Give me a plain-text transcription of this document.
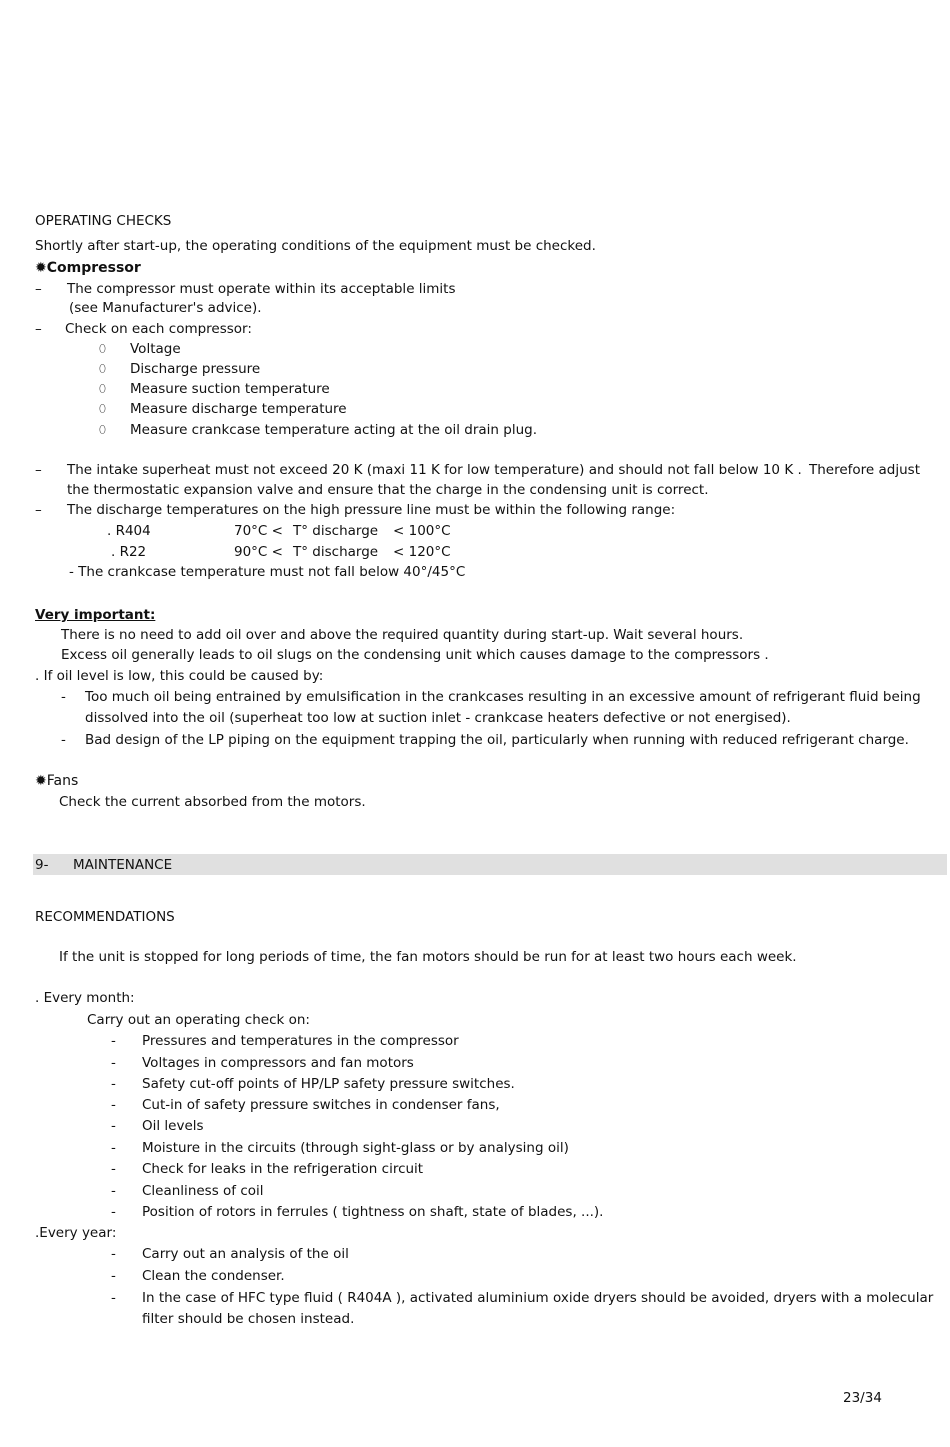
OPERATING CHECKS
Shortly after start-up, the operating conditions of the equipment must be checked.
✹Compressor
– The compressor must operate within its acceptable limits
(see Manufacturer's advice).
– Check on each compressor:
⬯ Voltage
⬯ Discharge pressure
⬯ Measure suction temperature
⬯ Measure discharge temperature
⬯ Measure crankcase temperature acting at the oil drain plug.
– The intake superheat must not exceed 20 K (maxi 11 K for low temperature) and should not fall below 10 K . Therefore adjust
the thermostatic expansion valve and ensure that the charge in the condensing unit is correct.
– The discharge temperatures on the high pressure line must be within the following range:
. R404	70°C < T° discharge < 100°C
. R22	90°C < T° discharge < 120°C
- The crankcase temperature must not fall below 40°/45°C
Very important:
There is no need to add oil over and above the required quantity during start-up. Wait several hours.
Excess oil generally leads to oil slugs on the condensing unit which causes damage to the compressors .
. If oil level is low, this could be caused by:
- Too much oil being entrained by emulsification in the crankcases resulting in an excessive amount of refrigerant fluid being
dissolved into the oil (superheat too low at suction inlet - crankcase heaters defective or not energised).
- Bad design of the LP piping on the equipment trapping the oil, particularly when running with reduced refrigerant charge.
✹Fans
Check the current absorbed from the motors.
9- MAINTENANCE
RECOMMENDATIONS
If the unit is stopped for long periods of time, the fan motors should be run for at least two hours each week.
. Every month:
Carry out an operating check on:
- Pressures and temperatures in the compressor
- Voltages in compressors and fan motors
- Safety cut-off points of HP/LP safety pressure switches.
- Cut-in of safety pressure switches in condenser fans,
- Oil levels
- Moisture in the circuits (through sight-glass or by analysing oil)
- Check for leaks in the refrigeration circuit
- Cleanliness of coil
- Position of rotors in ferrules ( tightness on shaft, state of blades, ...).
.Every year:
- Carry out an analysis of the oil
- Clean the condenser.
- In the case of HFC type fluid ( R404A ), activated aluminium oxide dryers should be avoided, dryers with a molecular
filter should be chosen instead.
23/34
